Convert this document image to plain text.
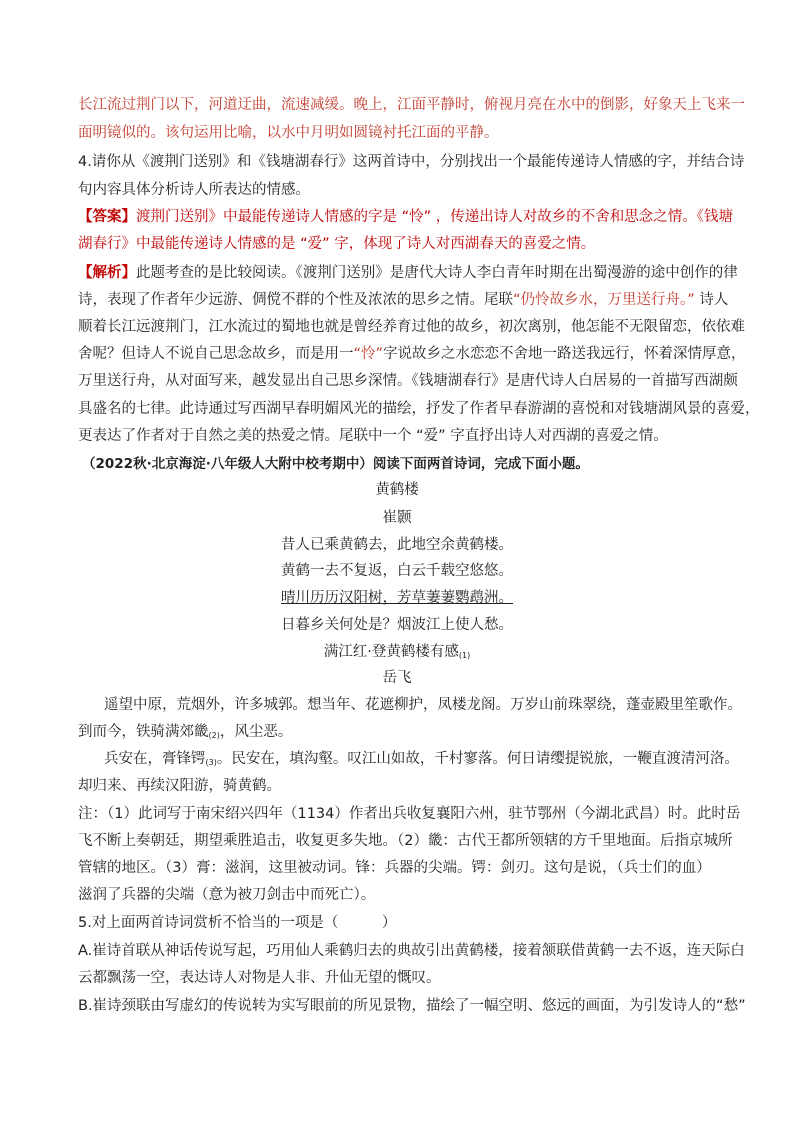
长江流过荆门以下，河道迂曲，流速减缓。晚上，江面平静时，俯视月亮在水中的倒影，好象天上飞来一
面明镜似的。该句运用比喻，以水中月明如圆镜衬托江面的平静。
4.请你从《渡荆门送别》和《钱塘湖春行》这两首诗中，分别找出一个最能传递诗人情感的字，并结合诗
句内容具体分析诗人所表达的情感。
【答案】渡荆门送别》中最能传递诗人情感的字是 “怜” ，传递出诗人对故乡的不舍和思念之情。《钱塘
湖春行》中最能传递诗人情感的是 “爱” 字，体现了诗人对西湖春天的喜爱之情。
【解析】此题考查的是比较阅读。《渡荆门送别》是唐代大诗人李白青年时期在出蜀漫游的途中创作的律
诗，表现了作者年少远游、倜傥不群的个性及浓浓的思乡之情。尾联“仍怜故乡水，万里送行舟。” 诗人
顺着长江远渡荆门，江水流过的蜀地也就是曾经养育过他的故乡，初次离别，他怎能不无限留恋，依依难
舍呢？但诗人不说自己思念故乡，而是用一“怜”字说故乡之水恋恋不舍地一路送我远行，怀着深情厚意，
万里送行舟，从对面写来，越发显出自己思乡深情。《钱塘湖春行》是唐代诗人白居易的一首描写西湖颇
具盛名的七律。此诗通过写西湖早春明媚风光的描绘，抒发了作者早春游湖的喜悦和对钱塘湖风景的喜爱，
更表达了作者对于自然之美的热爱之情。尾联中一个 “爱” 字直抒出诗人对西湖的喜爱之情。
（2022秋·北京海淀·八年级人大附中校考期中）阅读下面两首诗词，完成下面小题。
黄鹤楼
崔颢
昔人已乘黄鹤去，此地空余黄鹤楼。
黄鹤一去不复返，白云千载空悠悠。
晴川历历汉阳树，芳草萋萋鹦鹉洲。
日暮乡关何处是？烟波江上使人愁。
满江红·登黄鹤楼有感$_{(1)}$
岳飞
遥望中原，荒烟外，许多城郭。想当年、花遮柳护，凤楼龙阁。万岁山前珠翠绕，蓬壶殿里笙歌作。
到而今，铁骑满郊畿$_{(2)}$，风尘恶。
兵安在，膏锋锷$_{(3)}$。民安在，填沟壑。叹江山如故，千村寥落。何日请缨提锐旅，一鞭直渡清河洛。
却归来、再续汉阳游，骑黄鹤。
注：（1）此词写于南宋绍兴四年（1134）作者出兵收复襄阳六州，驻节鄂州（今湖北武昌）时。此时岳
飞不断上奏朝廷，期望乘胜追击，收复更多失地。（2）畿：古代王都所领辖的方千里地面。后指京城所
管辖的地区。（3）膏：滋润，这里被动词。锋：兵器的尖端。锷：剑刃。这句是说，（兵士们的血）
滋润了兵器的尖端（意为被刀剑击中而死亡）。
5.对上面两首诗词赏析不恰当的一项是（　　　）
A.崔诗首联从神话传说写起，巧用仙人乘鹤归去的典故引出黄鹤楼，接着颔联借黄鹤一去不返，连天际白
云都飘荡一空，表达诗人对物是人非、升仙无望的慨叹。
B.崔诗颈联由写虚幻的传说转为实写眼前的所见景物，描绘了一幅空明、悠远的画面，为引发诗人的“愁”
